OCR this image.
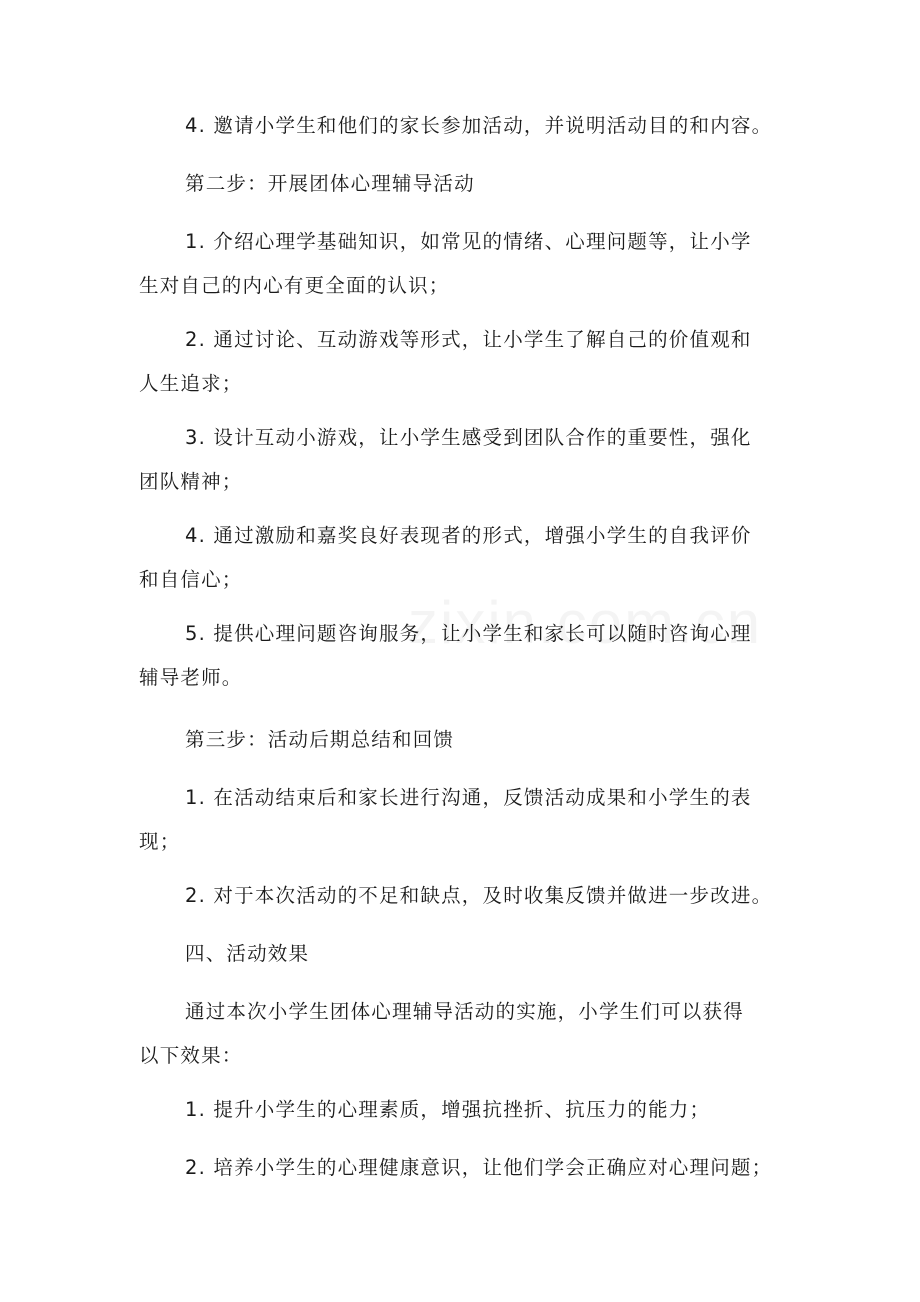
4. 邀请小学生和他们的家长参加活动，并说明活动目的和内容。
第二步：开展团体心理辅导活动
1. 介绍心理学基础知识，如常见的情绪、心理问题等，让小学
生对自己的内心有更全面的认识；
2. 通过讨论、互动游戏等形式，让小学生了解自己的价值观和
人生追求；
3. 设计互动小游戏，让小学生感受到团队合作的重要性，强化
团队精神；
4. 通过激励和嘉奖良好表现者的形式，增强小学生的自我评价
和自信心；
5. 提供心理问题咨询服务，让小学生和家长可以随时咨询心理
辅导老师。
第三步：活动后期总结和回馈
1. 在活动结束后和家长进行沟通，反馈活动成果和小学生的表
现；
2. 对于本次活动的不足和缺点，及时收集反馈并做进一步改进。
四、活动效果
通过本次小学生团体心理辅导活动的实施，小学生们可以获得
以下效果：
1. 提升小学生的心理素质，增强抗挫折、抗压力的能力；
2. 培养小学生的心理健康意识，让他们学会正确应对心理问题；
